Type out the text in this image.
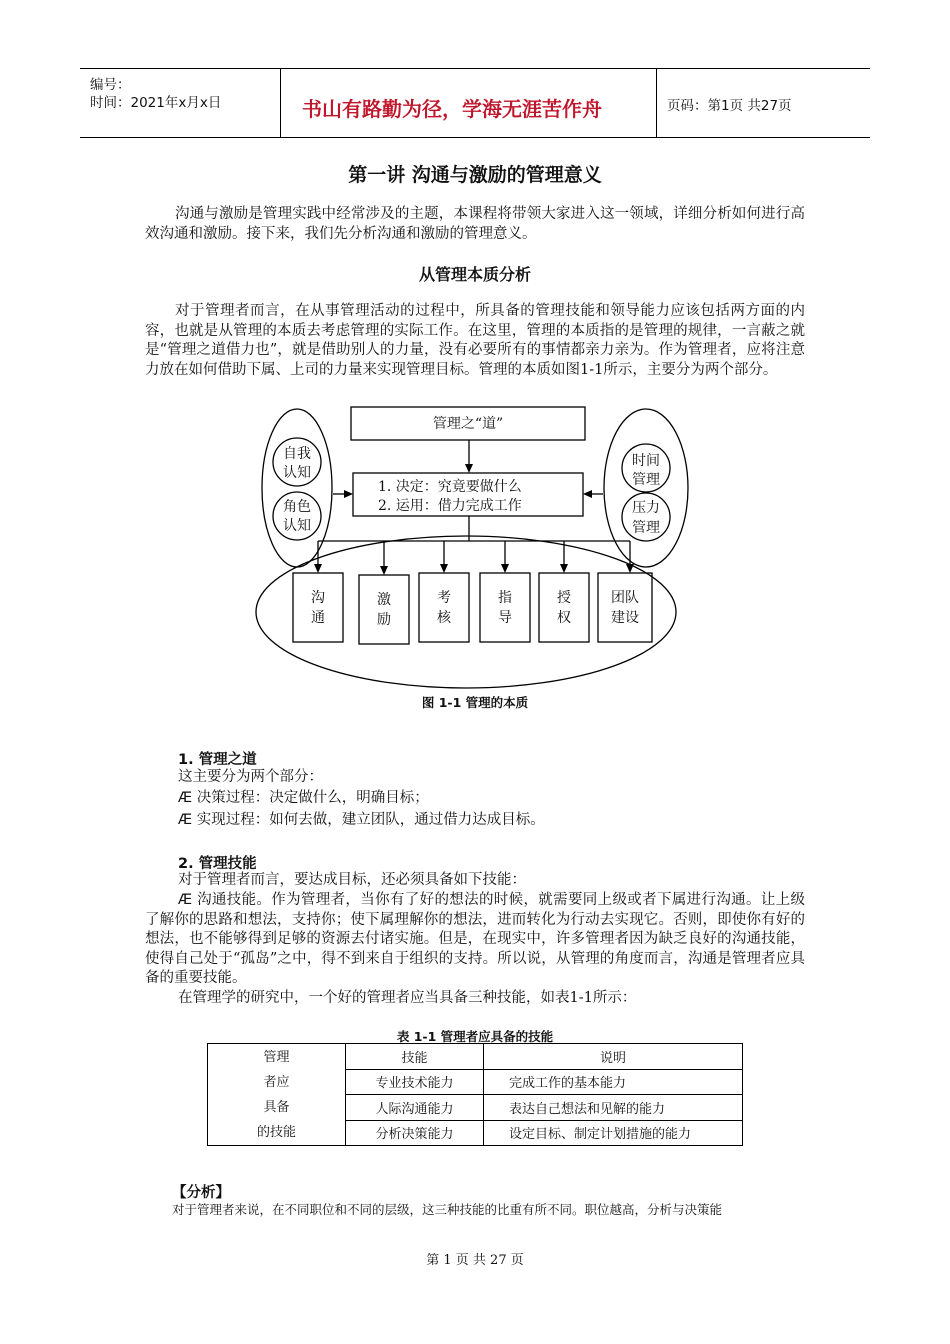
编号：
时间：2021年x月x日	书山有路勤为径，学海无涯苦作舟	页码：第1页 共27页
第一讲 沟通与激励的管理意义
沟通与激励是管理实践中经常涉及的主题，本课程将带领大家进入这一领域，详细分析如何进行高效沟通和激励。接下来，我们先分析沟通和激励的管理意义。
从管理本质分析
对于管理者而言，在从事管理活动的过程中，所具备的管理技能和领导能力应该包括两方面的内容，也就是从管理的本质去考虑管理的实际工作。在这里，管理的本质指的是管理的规律，一言蔽之就是“管理之道借力也”，就是借助别人的力量，没有必要所有的事情都亲力亲为。作为管理者，应将注意力放在如何借助下属、上司的力量来实现管理目标。管理的本质如图1-1所示，主要分为两个部分。
管理之“道”
1. 决定：究竟要做什么
2. 运用：借力完成工作
自我
认知
角色
认知
时间
管理
压力
管理
沟
通
激
励
考
核
指
导
授
权
团队
建设
图 1-1 管理的本质
1. 管理之道
这主要分为两个部分：
Æ 决策过程：决定做什么，明确目标；
Æ 实现过程：如何去做，建立团队，通过借力达成目标。
2. 管理技能
对于管理者而言，要达成目标，还必须具备如下技能：
Æ 沟通技能。作为管理者，当你有了好的想法的时候，就需要同上级或者下属进行沟通。让上级了解你的思路和想法，支持你；使下属理解你的想法，进而转化为行动去实现它。否则，即使你有好的想法，也不能够得到足够的资源去付诸实施。但是，在现实中，许多管理者因为缺乏良好的沟通技能，使得自己处于“孤岛”之中，得不到来自于组织的支持。所以说，从管理的角度而言，沟通是管理者应具备的重要技能。
在管理学的研究中，一个好的管理者应当具备三种技能，如表1-1所示：
表 1-1 管理者应具备的技能
管理
者应
具备
的技能	技能	说明
	专业技术能力	完成工作的基本能力
	人际沟通能力	表达自己想法和见解的能力
	分析决策能力	设定目标、制定计划措施的能力
【分析】
对于管理者来说，在不同职位和不同的层级，这三种技能的比重有所不同。职位越高，分析与决策能
第 1 页 共 27 页
